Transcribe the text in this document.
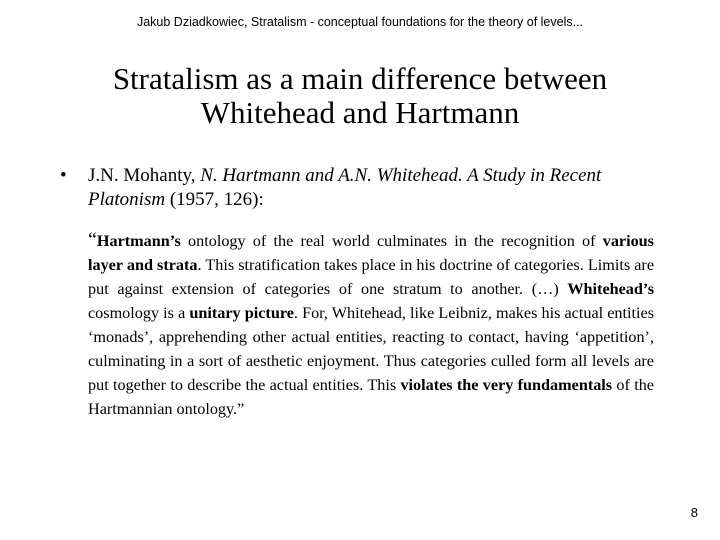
Jakub Dziadkowiec, Stratalism - conceptual foundations for the theory of levels...
Stratalism as a main difference between
Whitehead and Hartmann
• J.N. Mohanty, N. Hartmann and A.N. Whitehead. A Study in Recent Platonism (1957, 126):
“Hartmann’s ontology of the real world culminates in the recognition of various layer and strata. This stratification takes place in his doctrine of categories. Limits are put against extension of categories of one stratum to another. (…) Whitehead’s cosmology is a unitary picture. For, Whitehead, like Leibniz, makes his actual entities ‘monads’, apprehending other actual entities, reacting to contact, having ‘appetition’, culminating in a sort of aesthetic enjoyment. Thus categories culled form all levels are put together to describe the actual entities. This violates the very fundamentals of the Hartmannian ontology.”
8
